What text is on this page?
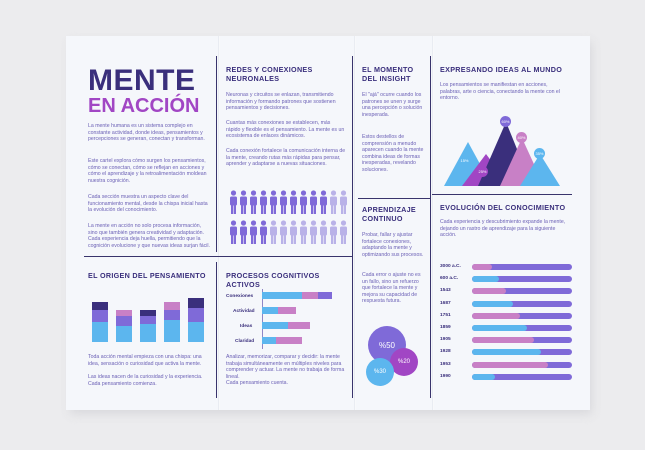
MENTE
EN ACCIÓN
La mente humana es un sistema complejo en constante actividad, donde ideas, pensamientos y percepciones se generan, conectan y transforman.
Este cartel explora cómo surgen los pensamientos, cómo se conectan, cómo se reflejan en acciones y cómo el aprendizaje y la retroalimentación moldean nuestra cognición.
Cada sección muestra un aspecto clave del funcionamiento mental, desde la chispa inicial hasta la evolución del conocimiento.
La mente en acción no solo procesa información, sino que también genera creatividad y adaptación. Cada experiencia deja huella, permitiendo que la cognición evolucione y que nuevas ideas surjan fácil.
REDES Y CONEXIONES NEURONALES
Neuronas y circuitos se enlazan, transmitiendo información y formando patrones que sostienen pensamientos y decisiones.
Cuantas más conexiones se establecen, más rápido y flexible es el pensamiento. La mente es un ecosistema de enlaces dinámicos.
Cada conexión fortalece la comunicación interna de la mente, creando rutas más rápidas para pensar, aprender y adaptarse a nuevas situaciones.
EL MOMENTO DEL INSIGHT
El "ajá" ocurre cuando los patrones se unen y surge una percepción o solución inesperada.
Estos destellos de comprensión a menudo aparecen cuando la mente combina ideas de formas inesperadas, revelando soluciones.
EXPRESANDO IDEAS AL MUNDO
Los pensamientos se manifiestan en acciones, palabras, arte o ciencia, conectando la mente con el entorno.
15%
25%
60%
40%
35%
APRENDIZAJE CONTINUO
Probar, fallar y ajustar fortalece conexiones, adaptando la mente y optimizando sus procesos.
Cada error o ajuste no es un fallo, sino un refuerzo que fortalece la mente y mejora su capacidad de respuesta futura.
%50
%20
%30
EVOLUCIÓN DEL CONOCIMIENTO
Cada experiencia y descubrimiento expande la mente, dejando un rastro de aprendizaje para la siguiente acción.
3000 a.C.
600 a.C.
1543
1687
1751
1859
1905
1928
1953
1990
EL ORIGEN DEL PENSAMIENTO
Toda acción mental empieza con una chispa: una idea, sensación o curiosidad que activa la mente.
Las ideas nacen de la curiosidad y la experiencia. Cada pensamiento comienza.
PROCESOS COGNITIVOS ACTIVOS
Conexiones
Actividad
Ideas
Claridad
Analizar, memorizar, comparar y decidir: la mente trabaja simultáneamente en múltiples niveles para comprender y actuar. La mente no trabaja de forma lineal.
Cada pensamiento cuenta.
